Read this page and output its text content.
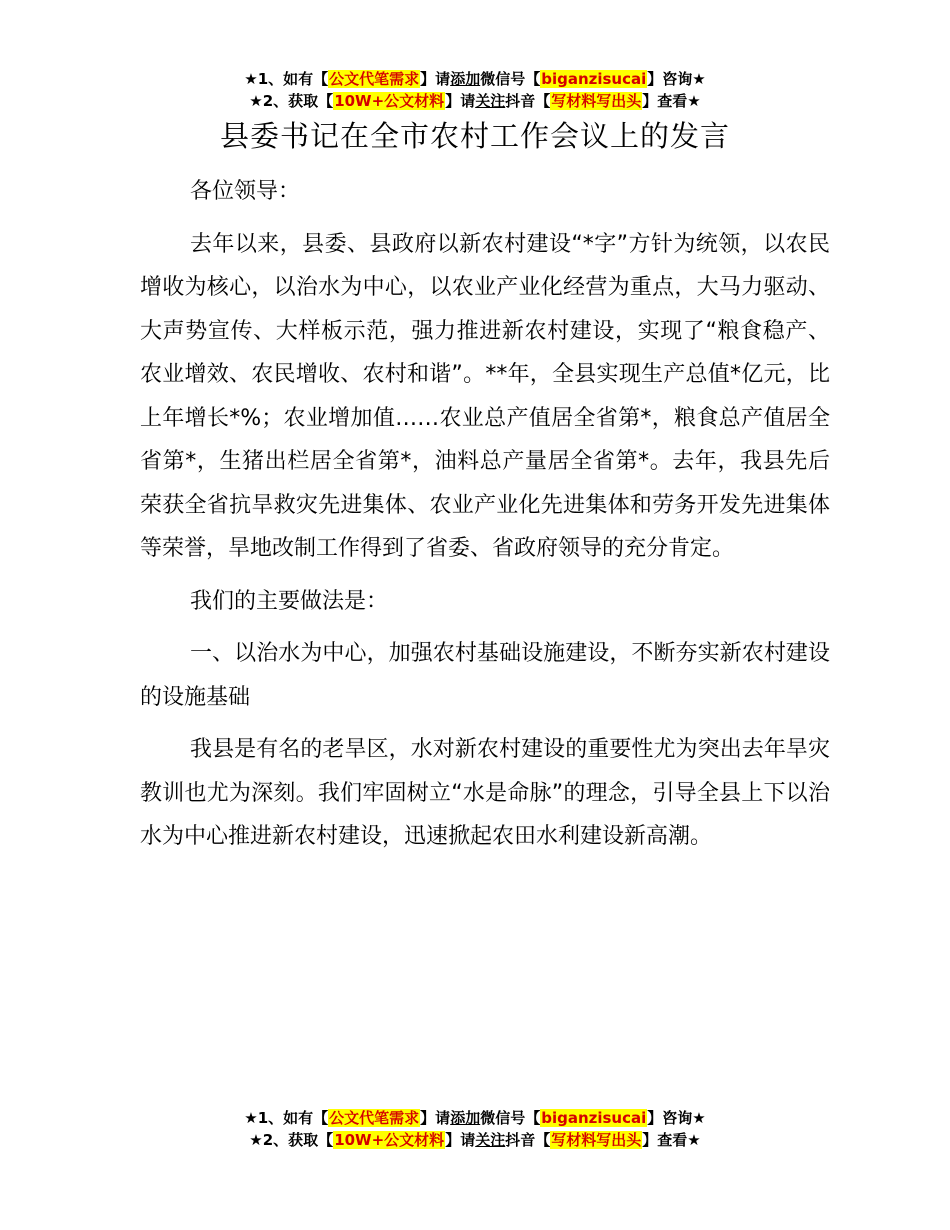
★1、如有【公文代笔需求】请添加微信号【biganzisucai】咨询★
★2、获取【10W+公文材料】请关注抖音【写材料写出头】查看★
县委书记在全市农村工作会议上的发言

各位领导：

去年以来，县委、县政府以新农村建设“*字”方针为统领，以农民增收为核心，以治水为中心，以农业产业化经营为重点，大马力驱动、大声势宣传、大样板示范，强力推进新农村建设，实现了“粮食稳产、农业增效、农民增收、农村和谐”。**年，全县实现生产总值*亿元，比上年增长*%；农业增加值……农业总产值居全省第*，粮食总产值居全省第*，生猪出栏居全省第*，油料总产量居全省第*。去年，我县先后荣获全省抗旱救灾先进集体、农业产业化先进集体和劳务开发先进集体等荣誉，旱地改制工作得到了省委、省政府领导的充分肯定。

我们的主要做法是：

一、以治水为中心，加强农村基础设施建设，不断夯实新农村建设的设施基础

我县是有名的老旱区，水对新农村建设的重要性尤为突出去年旱灾教训也尤为深刻。我们牢固树立“水是命脉”的理念，引导全县上下以治水为中心推进新农村建设，迅速掀起农田水利建设新高潮。

★1、如有【公文代笔需求】请添加微信号【biganzisucai】咨询★
★2、获取【10W+公文材料】请关注抖音【写材料写出头】查看★
